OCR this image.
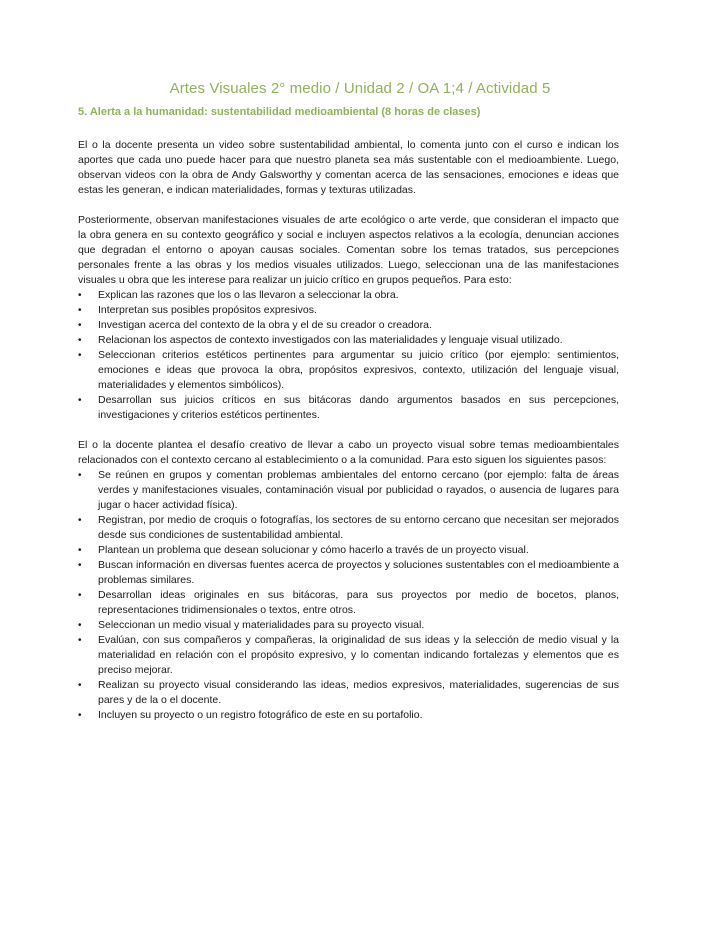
Artes Visuales 2° medio / Unidad 2 / OA 1;4 / Actividad 5
5. Alerta a la humanidad: sustentabilidad medioambiental (8 horas de clases)

El o la docente presenta un video sobre sustentabilidad ambiental, lo comenta junto con el curso e indican los aportes que cada uno puede hacer para que nuestro planeta sea más sustentable con el medioambiente. Luego, observan videos con la obra de Andy Galsworthy y comentan acerca de las sensaciones, emociones e ideas que estas les generan, e indican materialidades, formas y texturas utilizadas.

Posteriormente, observan manifestaciones visuales de arte ecológico o arte verde, que consideran el impacto que la obra genera en su contexto geográfico y social e incluyen aspectos relativos a la ecología, denuncian acciones que degradan el entorno o apoyan causas sociales. Comentan sobre los temas tratados, sus percepciones personales frente a las obras y los medios visuales utilizados. Luego, seleccionan una de las manifestaciones visuales u obra que les interese para realizar un juicio crítico en grupos pequeños. Para esto:

•	Explican las razones que los o las llevaron a seleccionar la obra.
•	Interpretan sus posibles propósitos expresivos.
•	Investigan acerca del contexto de la obra y el de su creador o creadora.
•	Relacionan los aspectos de contexto investigados con las materialidades y lenguaje visual utilizado.
•	Seleccionan criterios estéticos pertinentes para argumentar su juicio crítico (por ejemplo: sentimientos, emociones e ideas que provoca la obra, propósitos expresivos, contexto, utilización del lenguaje visual, materialidades y elementos simbólicos).
•	Desarrollan sus juicios críticos en sus bitácoras dando argumentos basados en sus percepciones, investigaciones y criterios estéticos pertinentes.

El o la docente plantea el desafío creativo de llevar a cabo un proyecto visual sobre temas medioambientales relacionados con el contexto cercano al establecimiento o a la comunidad. Para esto siguen los siguientes pasos:

•	Se reúnen en grupos y comentan problemas ambientales del entorno cercano (por ejemplo: falta de áreas verdes y manifestaciones visuales, contaminación visual por publicidad o rayados, o ausencia de lugares para jugar o hacer actividad física).
•	Registran, por medio de croquis o fotografías, los sectores de su entorno cercano que necesitan ser mejorados desde sus condiciones de sustentabilidad ambiental.
•	Plantean un problema que desean solucionar y cómo hacerlo a través de un proyecto visual.
•	Buscan información en diversas fuentes acerca de proyectos y soluciones sustentables con el medioambiente a problemas similares.
•	Desarrollan ideas originales en sus bitácoras, para sus proyectos por medio de bocetos, planos, representaciones tridimensionales o textos, entre otros.
•	Seleccionan un medio visual y materialidades para su proyecto visual.
•	Evalúan, con sus compañeros y compañeras, la originalidad de sus ideas y la selección de medio visual y la materialidad en relación con el propósito expresivo, y lo comentan indicando fortalezas y elementos que es preciso mejorar.
•	Realizan su proyecto visual considerando las ideas, medios expresivos, materialidades, sugerencias de sus pares y de la o el docente.
•	Incluyen su proyecto o un registro fotográfico de este en su portafolio.
